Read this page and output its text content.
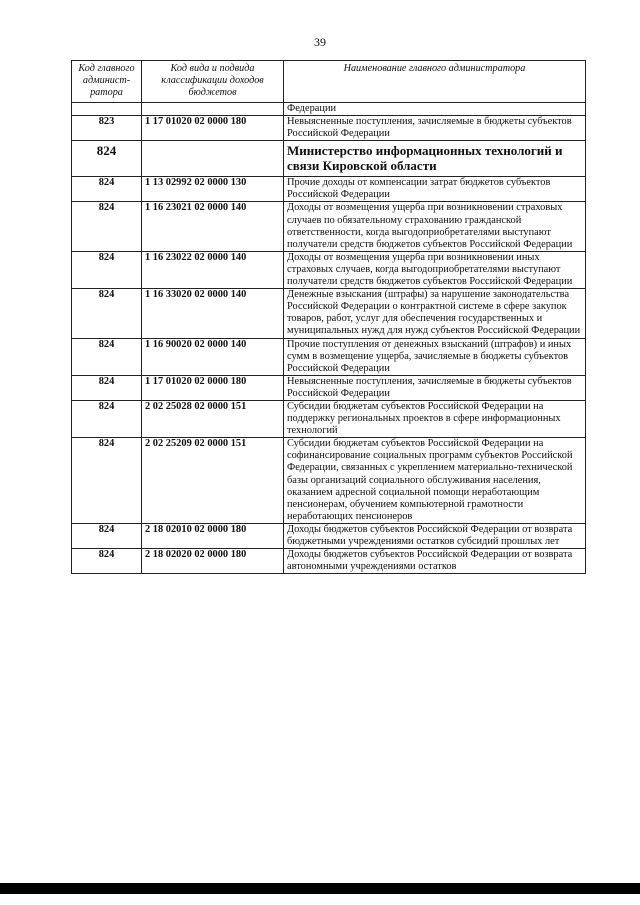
39
Код главного админист-ратора	Код вида и подвида классификации доходов бюджетов	Наименование главного администратора
		Федерации
823	1 17 01020 02 0000 180	Невыясненные поступления, зачисляемые в бюджеты субъектов Российской Федерации
824		Министерство информационных технологий и связи Кировской области
824	1 13 02992 02 0000 130	Прочие доходы от компенсации затрат бюджетов субъектов Российской Федерации
824	1 16 23021 02 0000 140	Доходы от возмещения ущерба при возникновении страховых случаев по обязательному страхованию гражданской ответственности, когда выгодоприобретателями выступают получатели средств бюджетов субъектов Российской Федерации
824	1 16 23022 02 0000 140	Доходы от возмещения ущерба при возникновении иных страховых случаев, когда выгодоприобретателями выступают получатели средств бюджетов субъектов Российской Федерации
824	1 16 33020 02 0000 140	Денежные взыскания (штрафы) за нарушение законодательства Российской Федерации о контрактной системе в сфере закупок товаров, работ, услуг для обеспечения государственных и муниципальных нужд для нужд субъектов Российской Федерации
824	1 16 90020 02 0000 140	Прочие поступления от денежных взысканий (штрафов) и иных сумм в возмещение ущерба, зачисляемые в бюджеты субъектов Российской Федерации
824	1 17 01020 02 0000 180	Невыясненные поступления, зачисляемые в бюджеты субъектов Российской Федерации
824	2 02 25028 02 0000 151	Субсидии бюджетам субъектов Российской Федерации на поддержку региональных проектов в сфере информационных технологий
824	2 02 25209 02 0000 151	Субсидии бюджетам субъектов Российской Федерации на софинансирование социальных программ субъектов Российской Федерации, связанных с укреплением материально-технической базы организаций социального обслуживания населения, оказанием адресной социальной помощи неработающим пенсионерам, обучением компьютерной грамотности неработающих пенсионеров
824	2 18 02010 02 0000 180	Доходы бюджетов субъектов Российской Федерации от возврата бюджетными учреждениями остатков субсидий прошлых лет
824	2 18 02020 02 0000 180	Доходы бюджетов субъектов Российской Федерации от возврата автономными учреждениями остатков
